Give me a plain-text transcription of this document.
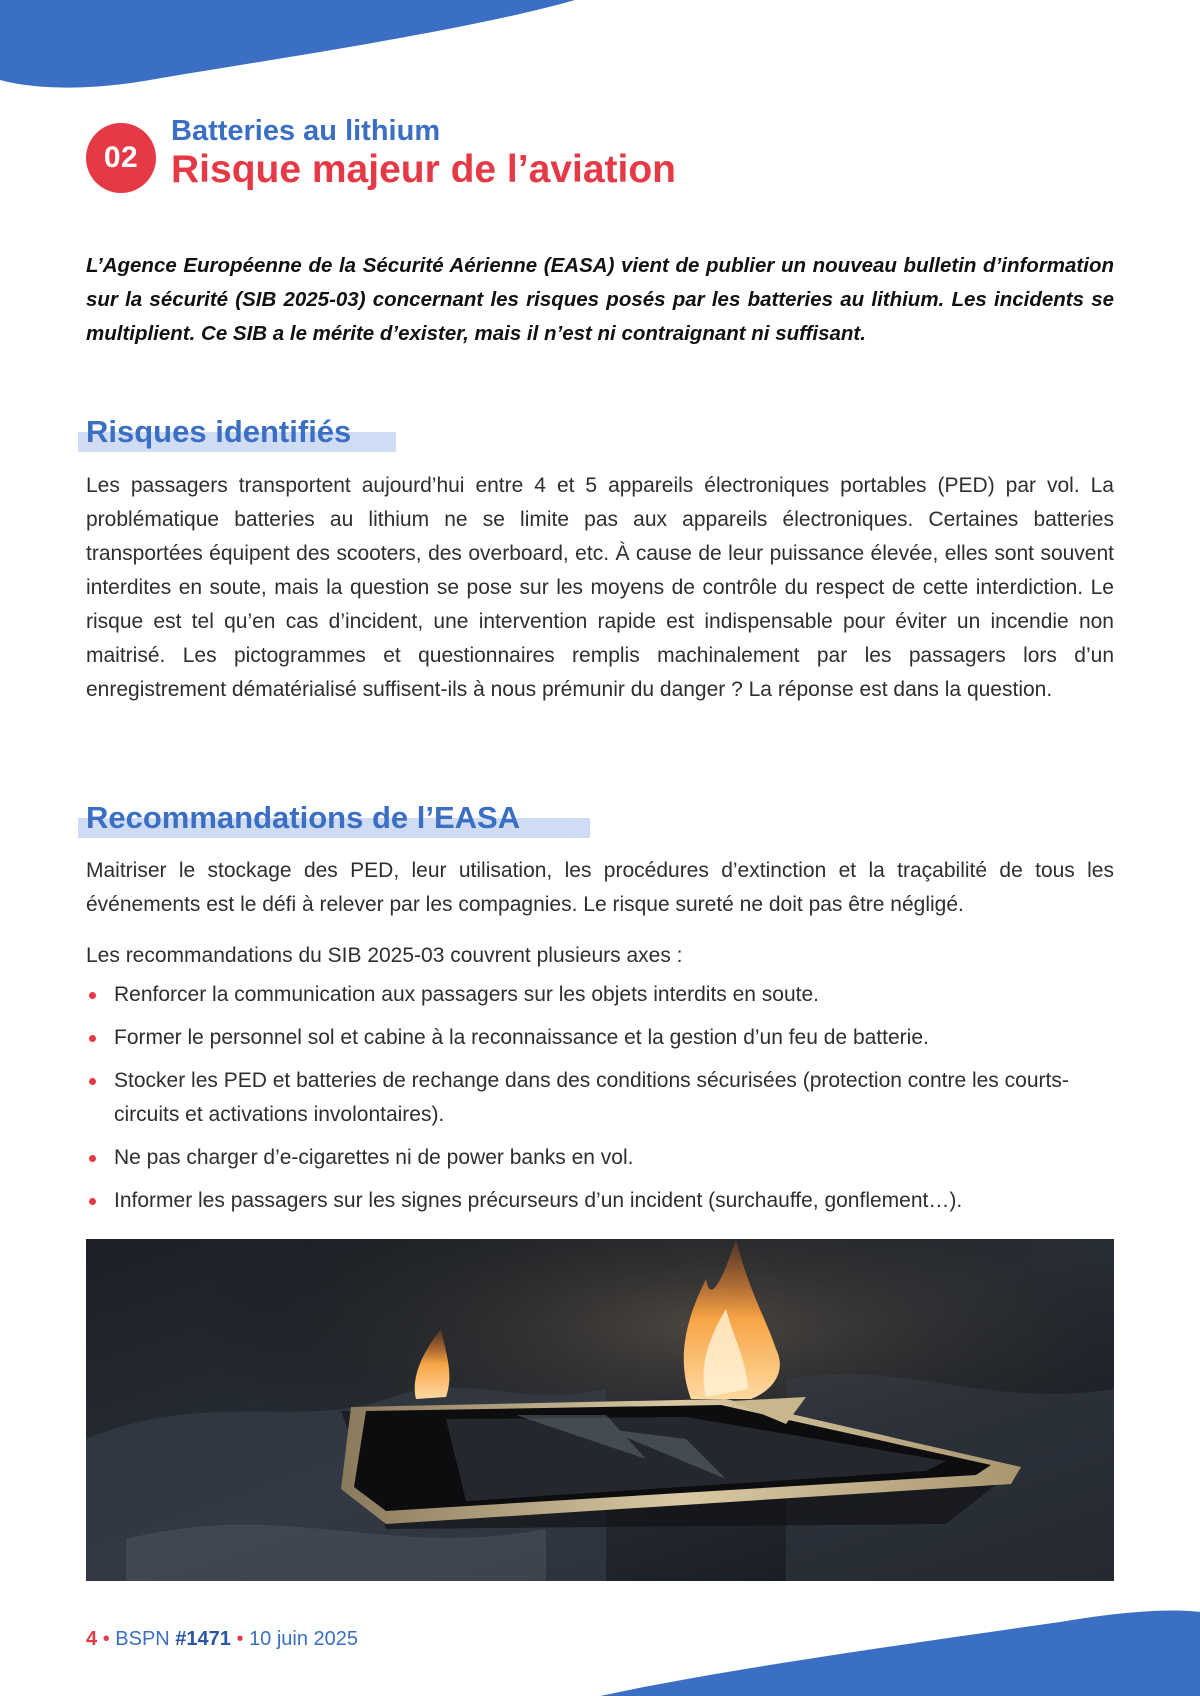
02
Batteries au lithium
Risque majeur de l’aviation

L’Agence Européenne de la Sécurité Aérienne (EASA) vient de publier un nouveau bulletin d’information sur la sécurité (SIB 2025-03) concernant les risques posés par les batteries au lithium. Les incidents se multiplient. Ce SIB a le mérite d’exister, mais il n’est ni contraignant ni suffisant.

Risques identifiés

Les passagers transportent aujourd’hui entre 4 et 5 appareils électroniques portables (PED) par vol. La problématique batteries au lithium ne se limite pas aux appareils électroniques. Certaines batteries transportées équipent des scooters, des overboard, etc. À cause de leur puissance élevée, elles sont souvent interdites en soute, mais la question se pose sur les moyens de contrôle du respect de cette interdiction. Le risque est tel qu’en cas d’incident, une intervention rapide est indispensable pour éviter un incendie non maitrisé. Les pictogrammes et questionnaires remplis machinalement par les passagers lors d’un enregistrement dématérialisé suffisent-ils à nous prémunir du danger ? La réponse est dans la question.

Recommandations de l’EASA

Maitriser le stockage des PED, leur utilisation, les procédures d’extinction et la traçabilité de tous les événements est le défi à relever par les compagnies. Le risque sureté ne doit pas être négligé.

Les recommandations du SIB 2025-03 couvrent plusieurs axes :

Renforcer la communication aux passagers sur les objets interdits en soute.
Former le personnel sol et cabine à la reconnaissance et la gestion d’un feu de batterie.
Stocker les PED et batteries de rechange dans des conditions sécurisées (protection contre les courts-circuits et activations involontaires).
Ne pas charger d’e-cigarettes ni de power banks en vol.
Informer les passagers sur les signes précurseurs d’un incident (surchauffe, gonflement…).
4 • BSPN #1471 • 10 juin 2025
